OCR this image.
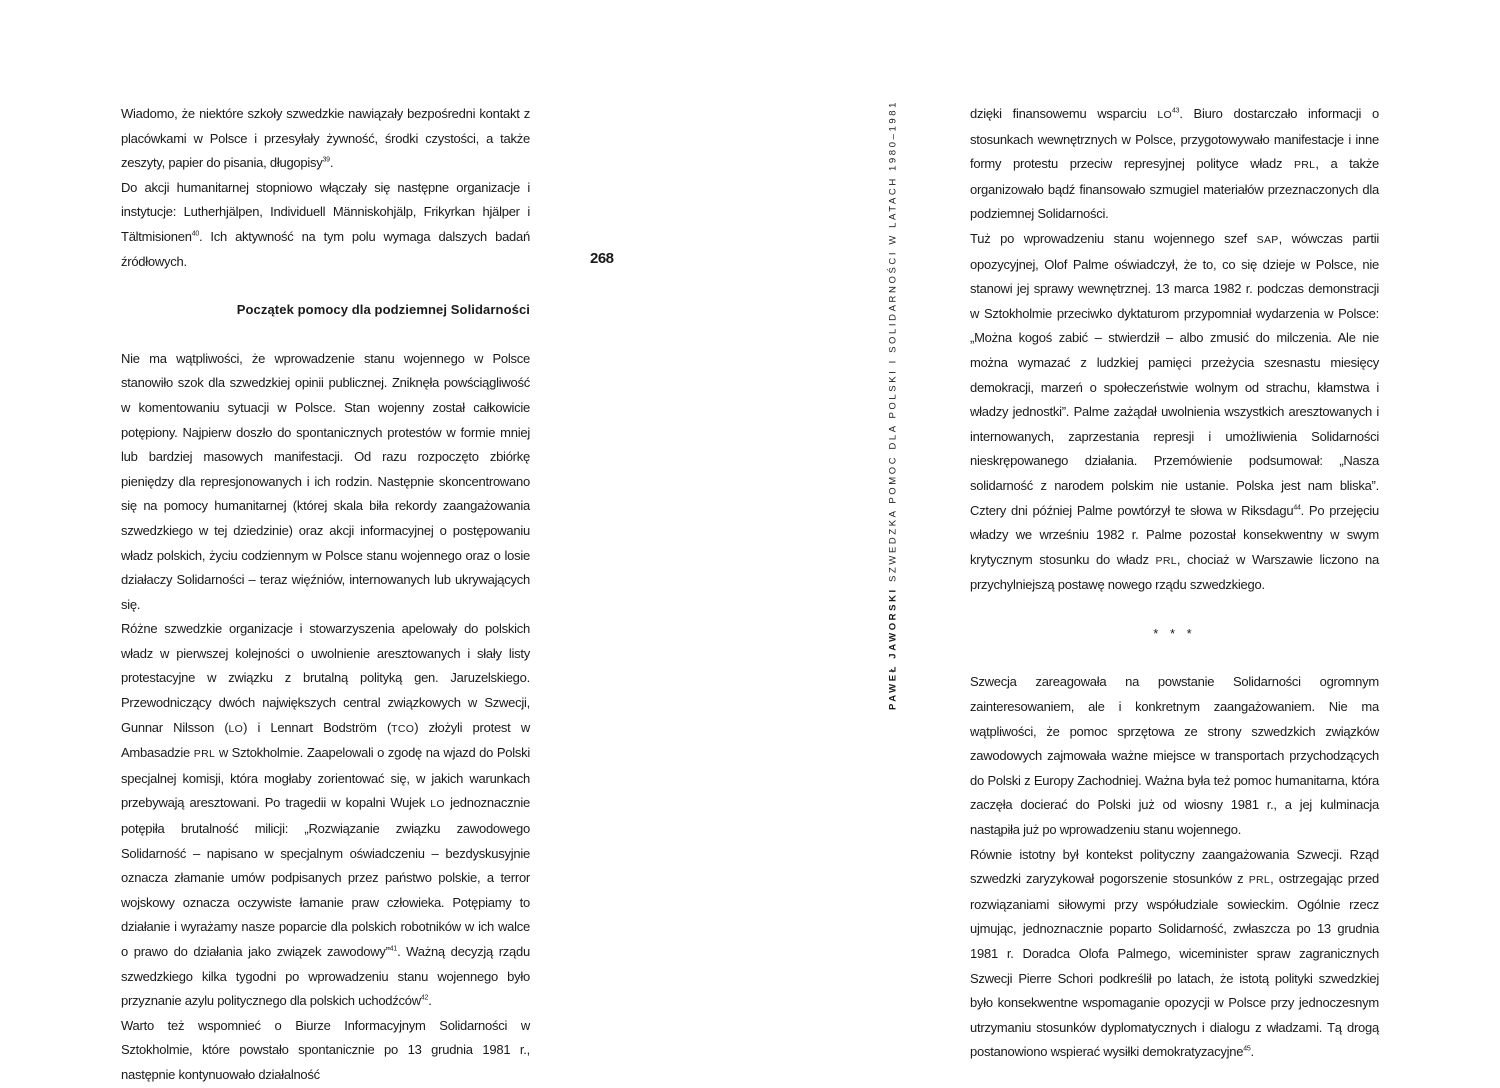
Wiadomo, że niektóre szkoły szwedzkie nawiązały bezpośredni kontakt z placówkami w Polsce i przesyłały żywność, środki czystości, a także zeszyty, papier do pisania, długopisy$^{39}$.

Do akcji humanitarnej stopniowo włączały się następne organizacje i instytucje: Lutherhjälpen, Individuell Människohjälp, Frikyrkan hjälper i Tältmisionen$^{40}$. Ich aktywność na tym polu wymaga dalszych badań źródłowych.

Początek pomocy dla podziemnej Solidarności

Nie ma wątpliwości, że wprowadzenie stanu wojennego w Polsce stanowiło szok dla szwedzkiej opinii publicznej. Zniknęła powściągliwość w komentowaniu sytuacji w Polsce. Stan wojenny został całkowicie potępiony. Najpierw doszło do spontanicznych protestów w formie mniej lub bardziej masowych manifestacji. Od razu rozpoczęto zbiórkę pieniędzy dla represjonowanych i ich rodzin. Następnie skoncentrowano się na pomocy humanitarnej (której skala biła rekordy zaangażowania szwedzkiego w tej dziedzinie) oraz akcji informacyjnej o postępowaniu władz polskich, życiu codziennym w Polsce stanu wojennego oraz o losie działaczy Solidarności – teraz więźniów, internowanych lub ukrywających się.

Różne szwedzkie organizacje i stowarzyszenia apelowały do polskich władz w pierwszej kolejności o uwolnienie aresztowanych i słały listy protestacyjne w związku z brutalną polityką gen. Jaruzelskiego. Przewodniczący dwóch największych central związkowych w Szwecji, Gunnar Nilsson (LO) i Lennart Bodström (TCO) złożyli protest w Ambasadzie PRL w Sztokholmie. Zaapelowali o zgodę na wjazd do Polski specjalnej komisji, która mogłaby zorientować się, w jakich warunkach przebywają aresztowani. Po tragedii w kopalni Wujek LO jednoznacznie potępiła brutalność milicji: „Rozwiązanie związku zawodowego Solidarność – napisano w specjalnym oświadczeniu – bezdyskusyjnie oznacza złamanie umów podpisanych przez państwo polskie, a terror wojskowy oznacza oczywiste łamanie praw człowieka. Potępiamy to działanie i wyrażamy nasze poparcie dla polskich robotników w ich walce o prawo do działania jako związek zawodowy”$^{41}$. Ważną decyzją rządu szwedzkiego kilka tygodni po wprowadzeniu stanu wojennego było przyznanie azylu politycznego dla polskich uchodźców$^{42}$.

Warto też wspomnieć o Biurze Informacyjnym Solidarności w Sztokholmie, które powstało spontanicznie po 13 grudnia 1981 r., następnie kontynuowało działalność

268
PAWEŁ JAWORSKI SZWEDZKA POMOC DLA POLSKI I SOLIDARNOŚCI W LATACH 1980–1981	dzięki finansowemu wsparciu LO$^{43}$. Biuro dostarczało informacji o stosunkach wewnętrznych w Polsce, przygotowywało manifestacje i inne formy protestu przeciw represyjnej polityce władz PRL, a także organizowało bądź finansowało szmugiel materiałów przeznaczonych dla podziemnej Solidarności.

Tuż po wprowadzeniu stanu wojennego szef SAP, wówczas partii opozycyjnej, Olof Palme oświadczył, że to, co się dzieje w Polsce, nie stanowi jej sprawy wewnętrznej. 13 marca 1982 r. podczas demonstracji w Sztokholmie przeciwko dyktaturom przypomniał wydarzenia w Polsce: „Można kogoś zabić – stwierdził – albo zmusić do milczenia. Ale nie można wymazać z ludzkiej pamięci przeżycia szesnastu miesięcy demokracji, marzeń o społeczeństwie wolnym od strachu, kłamstwa i władzy jednostki”. Palme zażądał uwolnienia wszystkich aresztowanych i internowanych, zaprzestania represji i umożliwienia Solidarności nieskrępowanego działania. Przemówienie podsumował: „Nasza solidarność z narodem polskim nie ustanie. Polska jest nam bliska”. Cztery dni później Palme powtórzył te słowa w Riksdagu$^{44}$. Po przejęciu władzy we wrześniu 1982 r. Palme pozostał konsekwentny w swym krytycznym stosunku do władz PRL, chociaż w Warszawie liczono na przychylniejszą postawę nowego rządu szwedzkiego.

* * *

Szwecja zareagowała na powstanie Solidarności ogromnym zainteresowaniem, ale i konkretnym zaangażowaniem. Nie ma wątpliwości, że pomoc sprzętowa ze strony szwedzkich związków zawodowych zajmowała ważne miejsce w transportach przychodzących do Polski z Europy Zachodniej. Ważna była też pomoc humanitarna, która zaczęła docierać do Polski już od wiosny 1981 r., a jej kulminacja nastąpiła już po wprowadzeniu stanu wojennego.

Równie istotny był kontekst polityczny zaangażowania Szwecji. Rząd szwedzki zaryzykował pogorszenie stosunków z PRL, ostrzegając przed rozwiązaniami siłowymi przy współudziale sowieckim. Ogólnie rzecz ujmując, jednoznacznie poparto Solidarność, zwłaszcza po 13 grudnia 1981 r. Doradca Olofa Palmego, wiceminister spraw zagranicznych Szwecji Pierre Schori podkreślił po latach, że istotą polityki szwedzkiej było konsekwentne wspomaganie opozycji w Polsce przy jednoczesnym utrzymaniu stosunków dyplomatycznych i dialogu z władzami. Tą drogą postanowiono wspierać wysiłki demokratyzacyjne$^{45}$.
